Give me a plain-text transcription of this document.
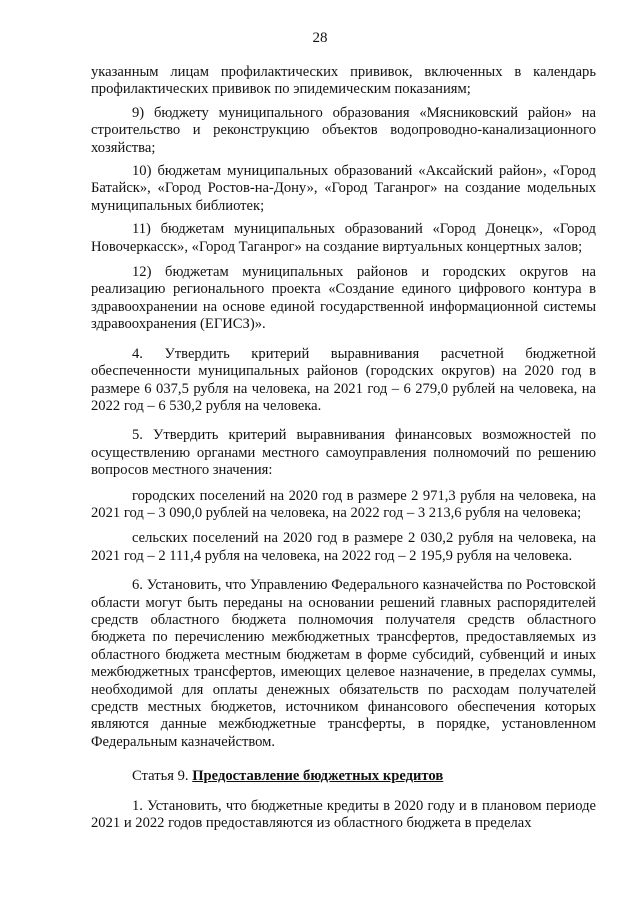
28

указанным лицам профилактических прививок, включенных в календарь профилактических прививок по эпидемическим показаниям;

9) бюджету муниципального образования «Мясниковский район» на строительство и реконструкцию объектов водопроводно-канализационного хозяйства;

10) бюджетам муниципальных образований «Аксайский район», «Город Батайск», «Город Ростов-на-Дону», «Город Таганрог» на создание модельных муниципальных библиотек;

11) бюджетам муниципальных образований «Город Донецк», «Город Новочеркасск», «Город Таганрог» на создание виртуальных концертных залов;

12) бюджетам муниципальных районов и городских округов на реализацию регионального проекта «Создание единого цифрового контура в здравоохранении на основе единой государственной информационной системы здравоохранения (ЕГИСЗ)».

4. Утвердить критерий выравнивания расчетной бюджетной обеспеченности муниципальных районов (городских округов) на 2020 год в размере 6 037,5 рубля на человека, на 2021 год – 6 279,0 рублей на человека, на 2022 год – 6 530,2 рубля на человека.

5. Утвердить критерий выравнивания финансовых возможностей по осуществлению органами местного самоуправления полномочий по решению вопросов местного значения:

городских поселений на 2020 год в размере 2 971,3 рубля на человека, на 2021 год – 3 090,0 рублей на человека, на 2022 год – 3 213,6 рубля на человека;

сельских поселений на 2020 год в размере 2 030,2 рубля на человека, на 2021 год – 2 111,4 рубля на человека, на 2022 год – 2 195,9 рубля на человека.

6. Установить, что Управлению Федерального казначейства по Ростовской области могут быть переданы на основании решений главных распорядителей средств областного бюджета полномочия получателя средств областного бюджета по перечислению межбюджетных трансфертов, предоставляемых из областного бюджета местным бюджетам в форме субсидий, субвенций и иных межбюджетных трансфертов, имеющих целевое назначение, в пределах суммы, необходимой для оплаты денежных обязательств по расходам получателей средств местных бюджетов, источником финансового обеспечения которых являются данные межбюджетные трансферты, в порядке, установленном Федеральным казначейством.

Статья 9. Предоставление бюджетных кредитов

1. Установить, что бюджетные кредиты в 2020 году и в плановом периоде 2021 и 2022 годов предоставляются из областного бюджета в пределах
